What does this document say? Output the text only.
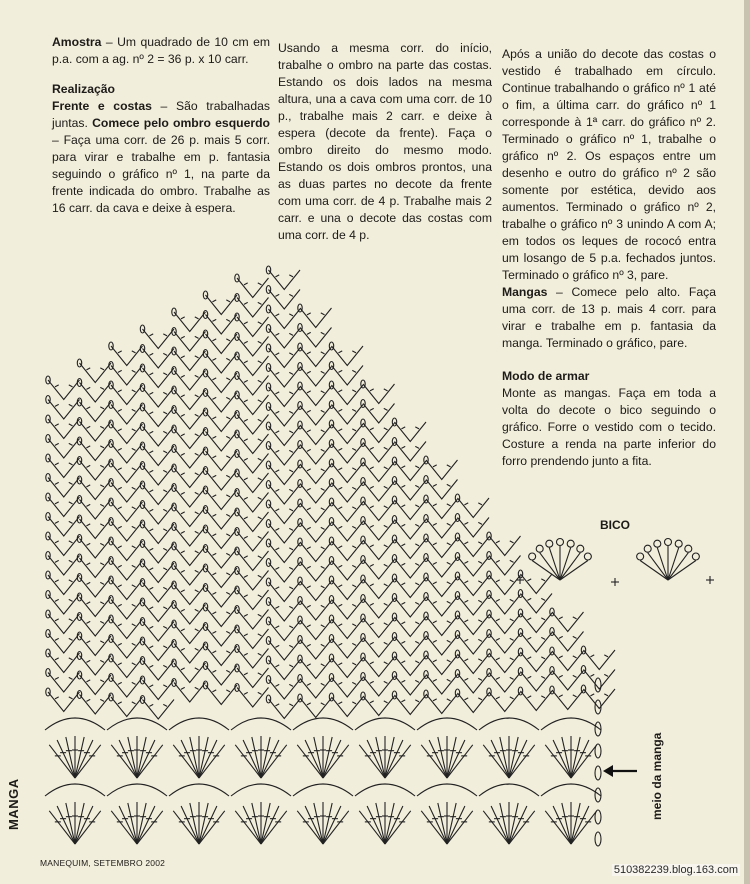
Amostra – Um quadrado de 10 cm em p.a. com a ag. nº 2 = 36 p. x 10 carr.

Realização

Frente e costas – São trabalhadas juntas. Comece pelo ombro esquerdo – Faça uma corr. de 26 p. mais 5 corr. para virar e trabalhe em p. fantasia seguindo o gráfico nº 1, na parte da frente indicada do ombro. Trabalhe as 16 carr. da cava e deixe à espera.

Usando a mesma corr. do início, trabalhe o ombro na parte das costas. Estando os dois lados na mesma altura, una a cava com uma corr. de 10 p., trabalhe mais 2 carr. e deixe à espera (decote da frente). Faça o ombro direito do mesmo modo. Estando os dois ombros prontos, una as duas partes no decote da frente com uma corr. de 4 p. Trabalhe mais 2 carr. e una o decote das costas com uma corr. de 4 p.

Após a união do decote das costas o vestido é trabalhado em círculo. Continue trabalhando o gráfico nº 1 até o fim, a última carr. do gráfico nº 1 corresponde à 1ª carr. do gráfico nº 2. Terminado o gráfico nº 1, trabalhe o gráfico nº 2. Os espaços entre um desenho e outro do gráfico nº 2 são somente por estética, devido aos aumentos. Terminado o gráfico nº 2, trabalhe o gráfico nº 3 unindo A com A; em todos os leques de rococó entra um losango de 5 p.a. fechados juntos. Terminado o gráfico nº 3, pare.

Mangas – Comece pelo alto. Faça uma corr. de 13 p. mais 4 corr. para virar e trabalhe em p. fantasia da manga. Terminado o gráfico, pare.

Modo de armar

Monte as mangas. Faça em toda a volta do decote o bico seguindo o gráfico. Forre o vestido com o tecido. Costure a renda na parte inferior do forro prendendo junto a fita.

BICO
MANGA	meio da manga
MANEQUIM, SETEMBRO 2002
510382239.blog.163.com
